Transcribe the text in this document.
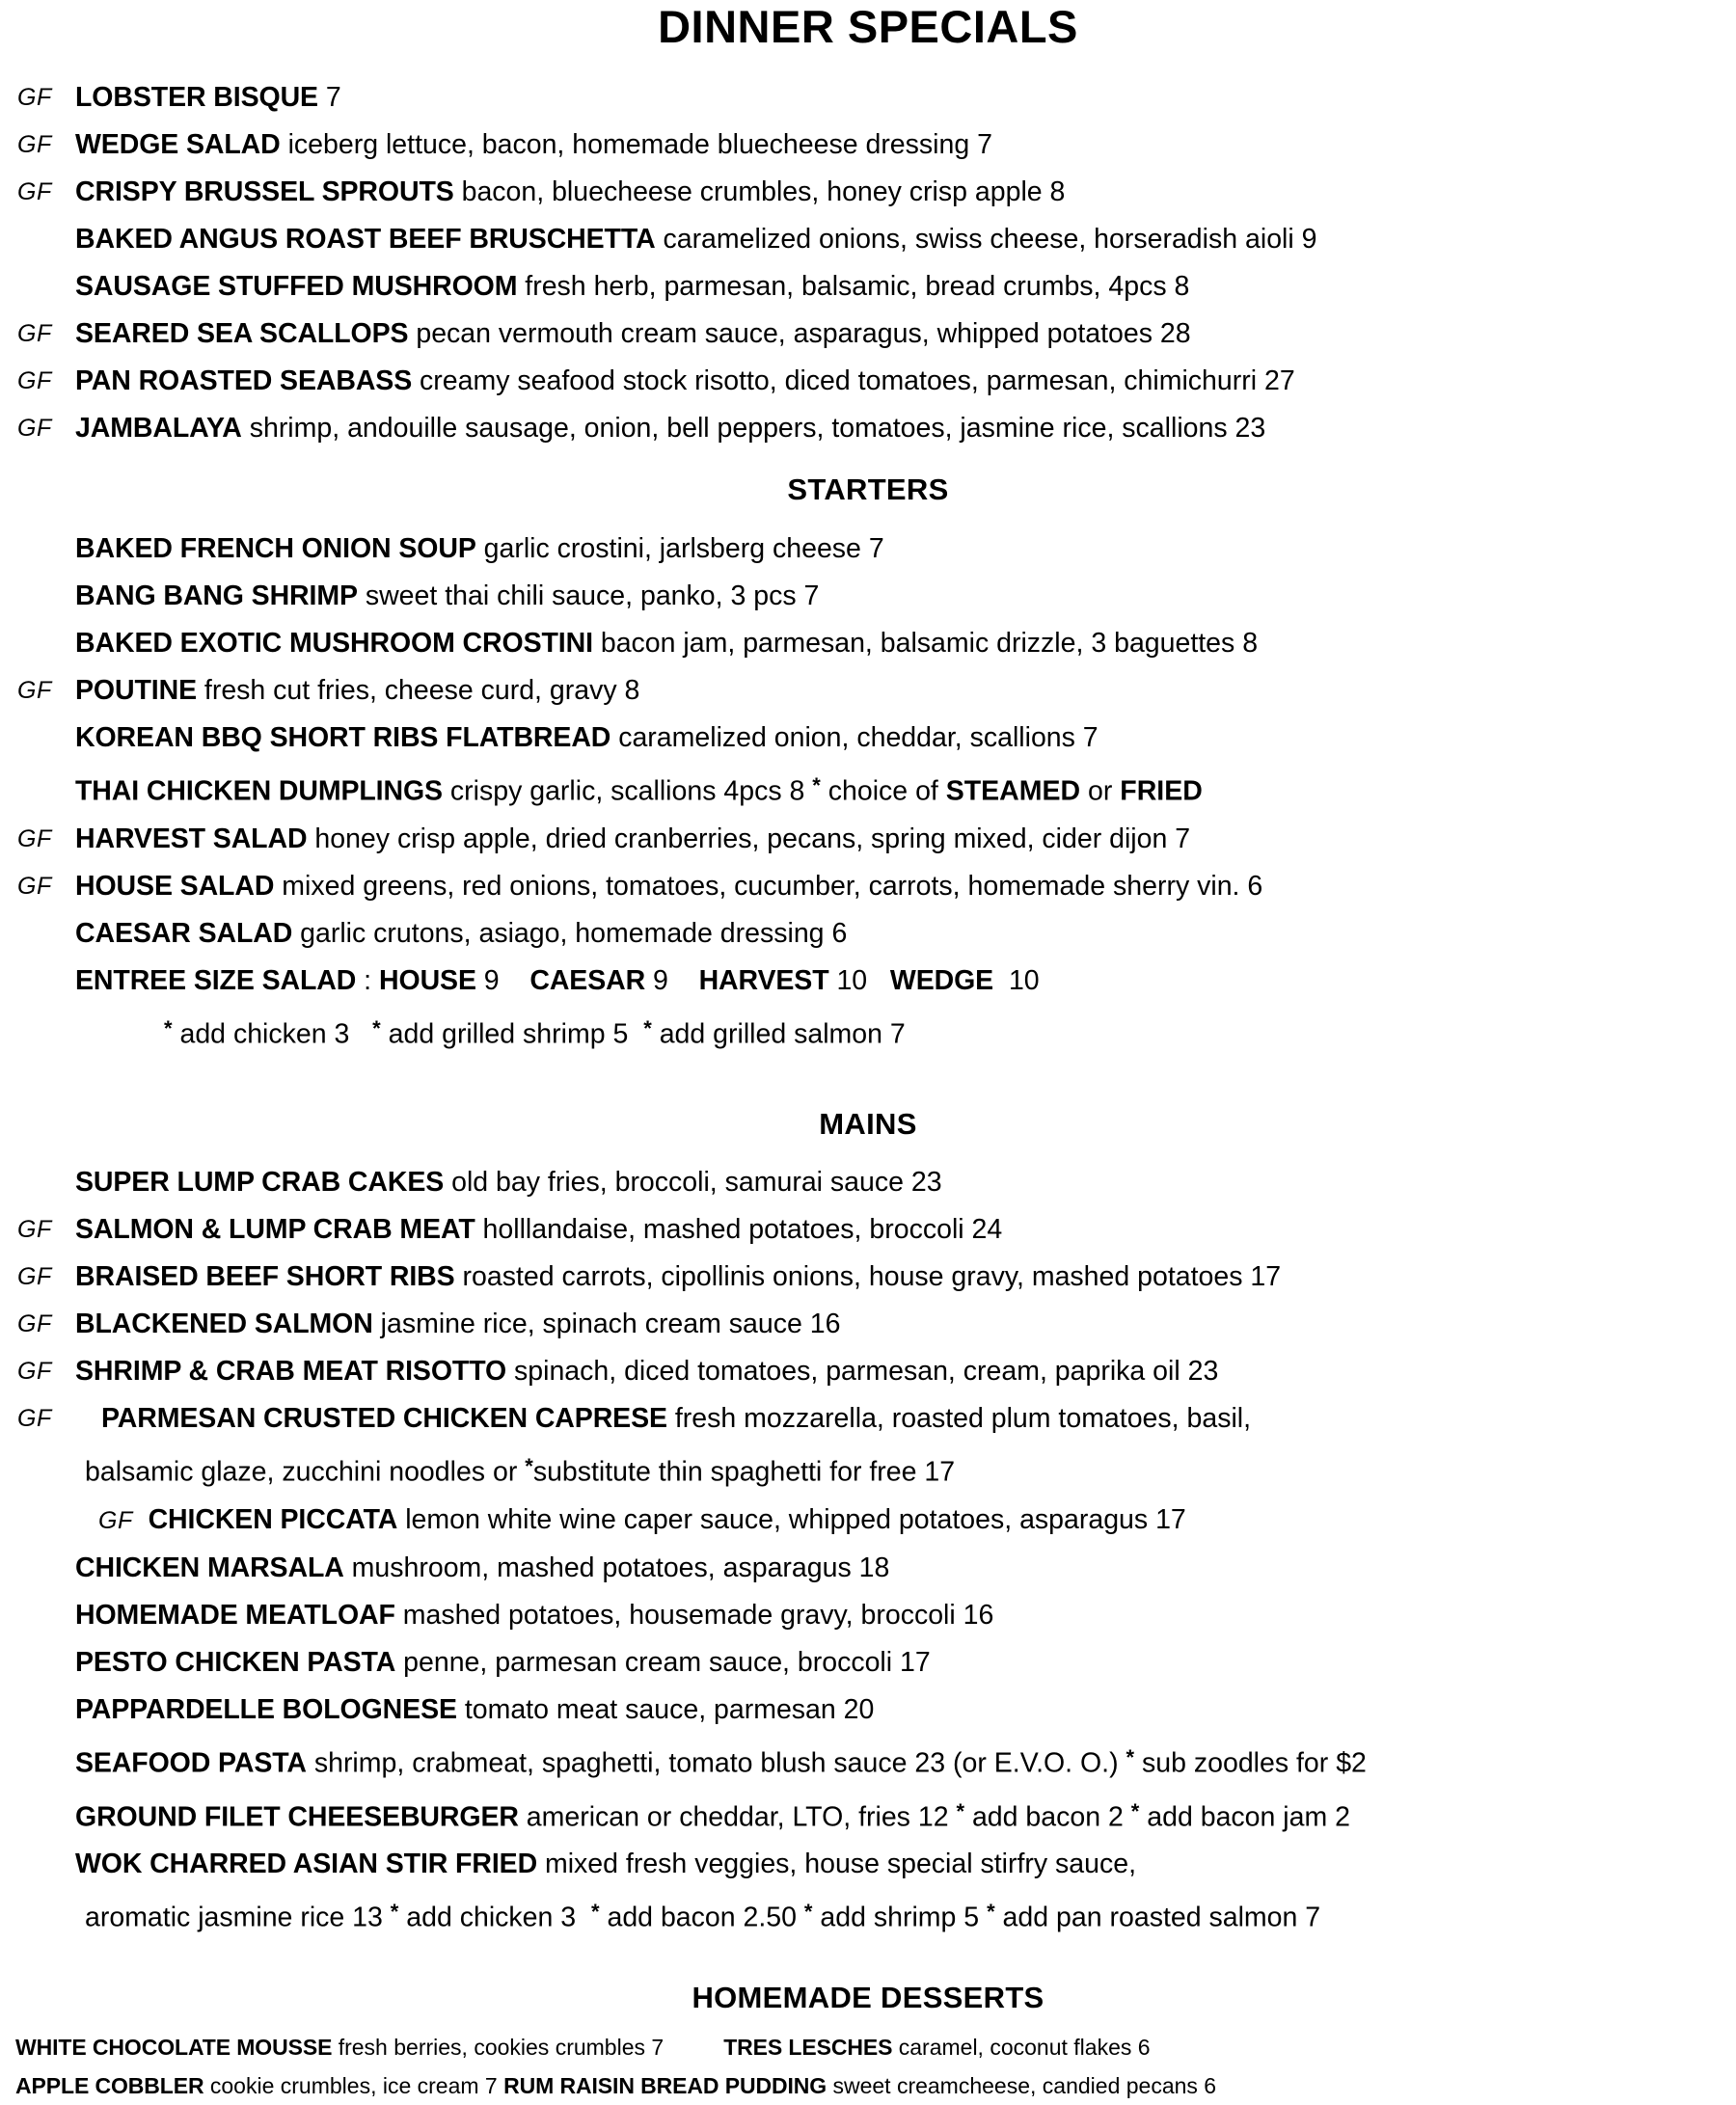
DINNER SPECIALS
GF LOBSTER BISQUE 7
GF WEDGE SALAD iceberg lettuce, bacon, homemade bluecheese dressing 7
GF CRISPY BRUSSEL SPROUTS bacon, bluecheese crumbles, honey crisp apple 8
BAKED ANGUS ROAST BEEF BRUSCHETTA caramelized onions, swiss cheese, horseradish aioli 9
SAUSAGE STUFFED MUSHROOM fresh herb, parmesan, balsamic, bread crumbs, 4pcs 8
GF SEARED SEA SCALLOPS pecan vermouth cream sauce, asparagus, whipped potatoes 28
GF PAN ROASTED SEABASS creamy seafood stock risotto, diced tomatoes, parmesan, chimichurri 27
GF JAMBALAYA shrimp, andouille sausage, onion, bell peppers, tomatoes, jasmine rice, scallions 23
STARTERS
BAKED FRENCH ONION SOUP garlic crostini, jarlsberg cheese 7
BANG BANG SHRIMP sweet thai chili sauce, panko, 3 pcs 7
BAKED EXOTIC MUSHROOM CROSTINI bacon jam, parmesan, balsamic drizzle, 3 baguettes 8
GF POUTINE fresh cut fries, cheese curd, gravy 8
KOREAN BBQ SHORT RIBS FLATBREAD caramelized onion, cheddar, scallions 7
THAI CHICKEN DUMPLINGS crispy garlic, scallions 4pcs 8 * choice of STEAMED or FRIED
GF HARVEST SALAD honey crisp apple, dried cranberries, pecans, spring mixed, cider dijon 7
GF HOUSE SALAD mixed greens, red onions, tomatoes, cucumber, carrots, homemade sherry vin. 6
CAESAR SALAD garlic crutons, asiago, homemade dressing 6
ENTREE SIZE SALAD : HOUSE 9 CAESAR 9 HARVEST 10 WEDGE 10
* add chicken 3 * add grilled shrimp 5 * add grilled salmon 7
MAINS
SUPER LUMP CRAB CAKES old bay fries, broccoli, samurai sauce 23
GF SALMON & LUMP CRAB MEAT holllandaise, mashed potatoes, broccoli 24
GF BRAISED BEEF SHORT RIBS roasted carrots, cipollinis onions, house gravy, mashed potatoes 17
GF BLACKENED SALMON jasmine rice, spinach cream sauce 16
GF SHRIMP & CRAB MEAT RISOTTO spinach, diced tomatoes, parmesan, cream, paprika oil 23
GF PARMESAN CRUSTED CHICKEN CAPRESE fresh mozzarella, roasted plum tomatoes, basil,
balsamic glaze, zucchini noodles or *substitute thin spaghetti for free 17
GF CHICKEN PICCATA lemon white wine caper sauce, whipped potatoes, asparagus 17
CHICKEN MARSALA mushroom, mashed potatoes, asparagus 18
HOMEMADE MEATLOAF mashed potatoes, housemade gravy, broccoli 16
PESTO CHICKEN PASTA penne, parmesan cream sauce, broccoli 17
PAPPARDELLE BOLOGNESE tomato meat sauce, parmesan 20
SEAFOOD PASTA shrimp, crabmeat, spaghetti, tomato blush sauce 23 (or E.V.O. O.) * sub zoodles for $2
GROUND FILET CHEESEBURGER american or cheddar, LTO, fries 12 * add bacon 2 * add bacon jam 2
WOK CHARRED ASIAN STIR FRIED mixed fresh veggies, house special stirfry sauce,
aromatic jasmine rice 13 * add chicken 3  * add bacon 2.50 * add shrimp 5 * add pan roasted salmon 7
HOMEMADE DESSERTS
WHITE CHOCOLATE MOUSSE fresh berries, cookies crumbles 7	TRES LESCHES caramel, coconut flakes 6
APPLE COBBLER cookie crumbles, ice cream 7 RUM RAISIN BREAD PUDDING sweet creamcheese, candied pecans 6
